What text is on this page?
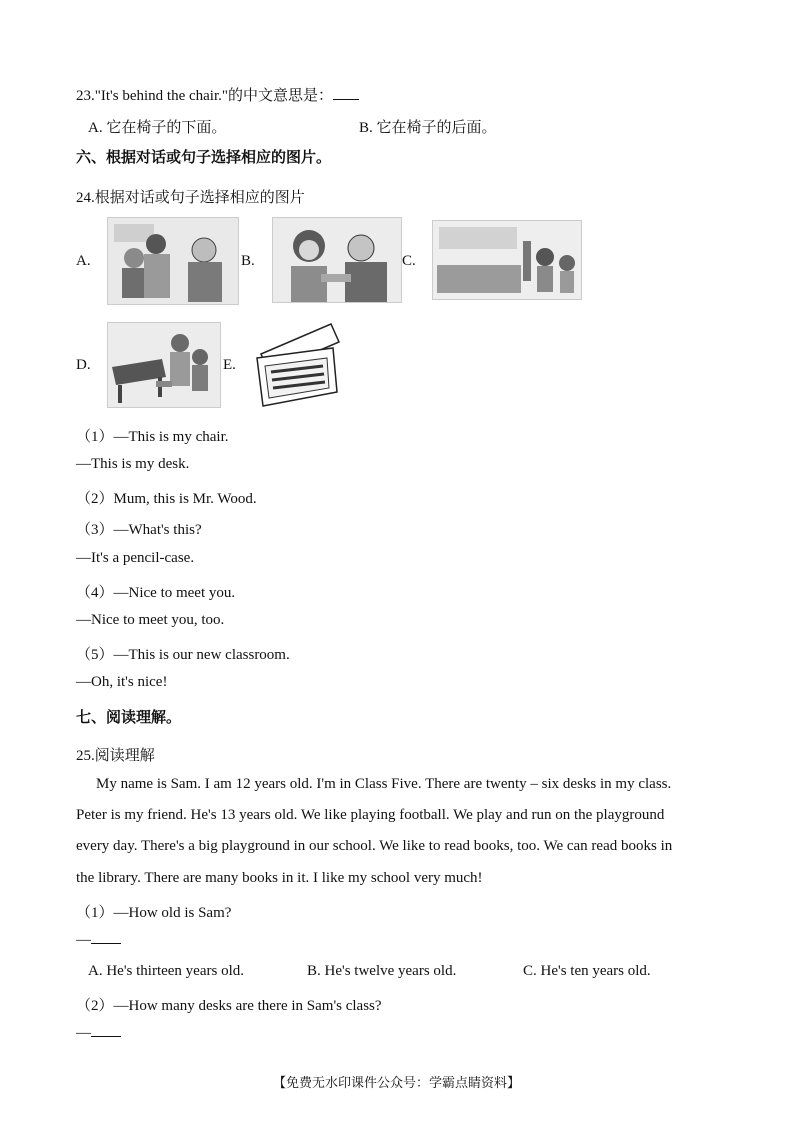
23."It's behind the chair."的中文意思是：
A. 它在椅子的下面。	B. 它在椅子的后面。
六、根据对话或句子选择相应的图片。
24.根据对话或句子选择相应的图片
A.	B.	C.
D.	E.
（1）—This is my chair.
—This is my desk.
（2）Mum, this is Mr. Wood.
（3）—What's this?
—It's a pencil-case.
（4）—Nice to meet you.
—Nice to meet you, too.
（5）—This is our new classroom.
—Oh, it's nice!
七、阅读理解。
25.阅读理解
My name is Sam. I am 12 years old. I'm in Class Five. There are twenty – six desks in my class.
Peter is my friend. He's 13 years old. We like playing football. We play and run on the playground
every day. There's a big playground in our school. We like to read books, too. We can read books in
the library. There are many books in it. I like my school very much!
（1）—How old is Sam?
—
A. He's thirteen years old.	B. He's twelve years old.	C. He's ten years old.
（2）—How many desks are there in Sam's class?
—
【免费无水印课件公众号：学霸点睛资料】
